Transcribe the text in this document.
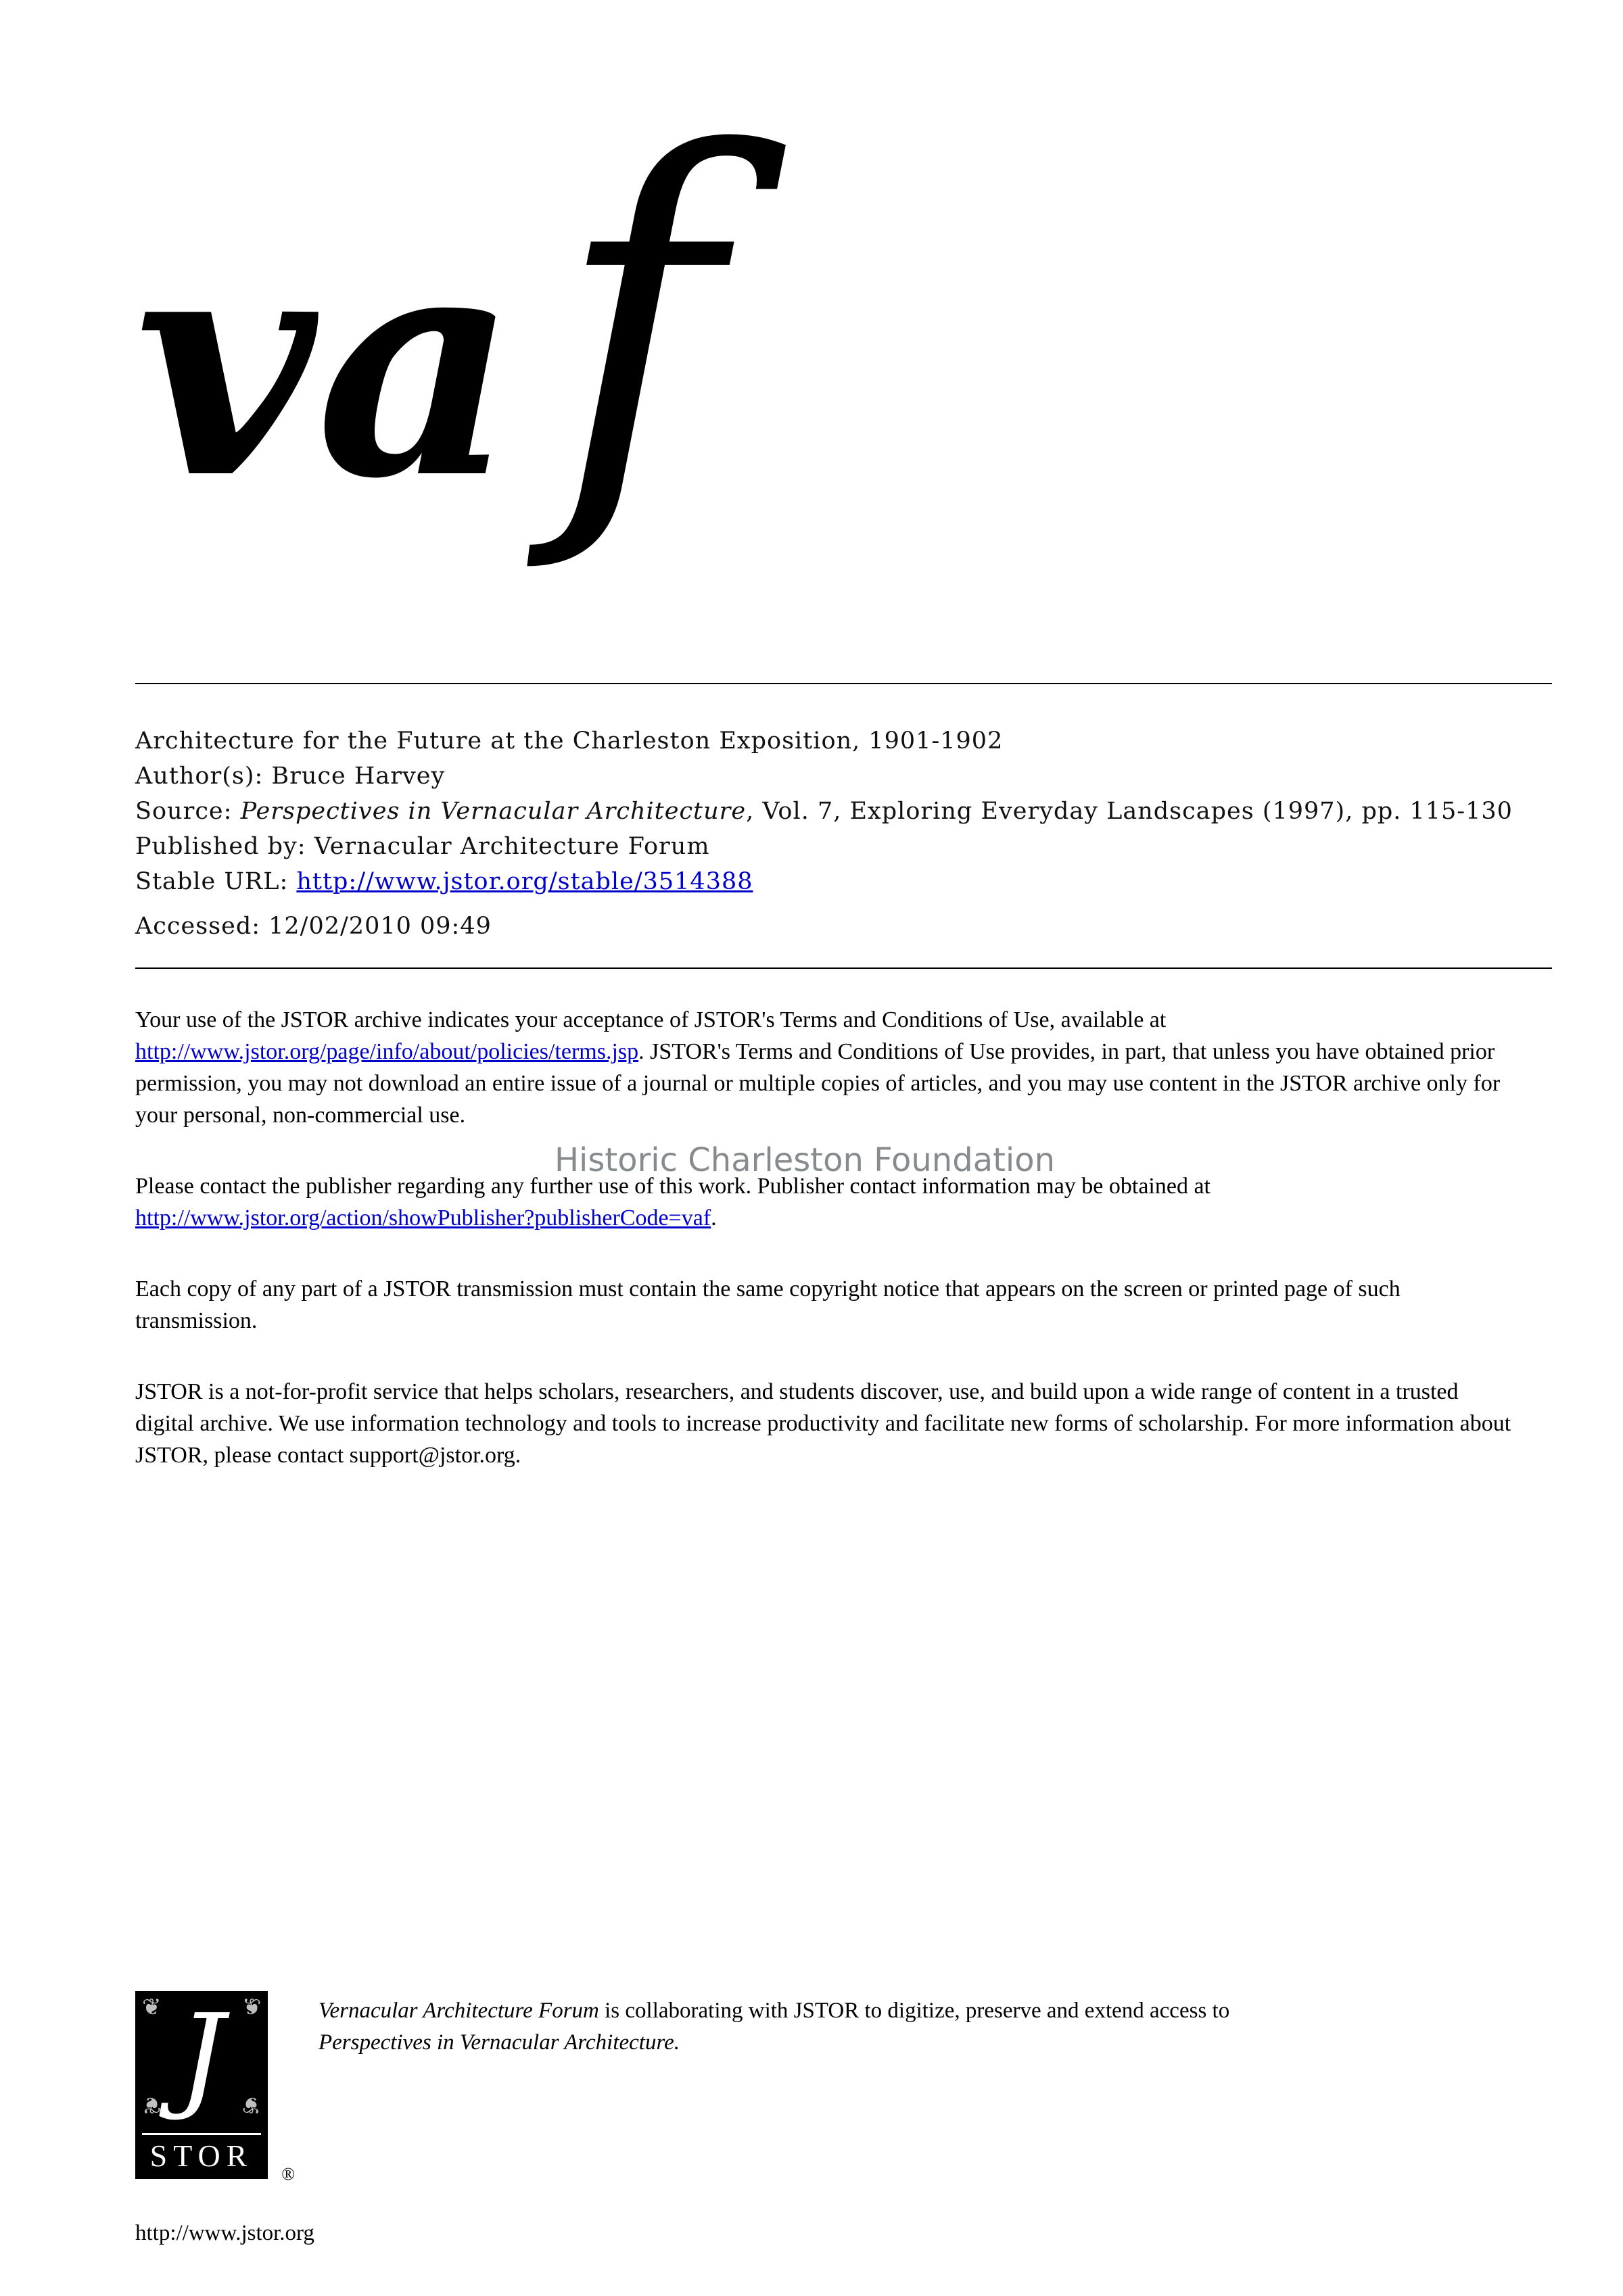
va f

Architecture for the Future at the Charleston Exposition, 1901-1902

Author(s): Bruce Harvey

Source: Perspectives in Vernacular Architecture, Vol. 7, Exploring Everyday Landscapes (1997), pp. 115-130

Published by: Vernacular Architecture Forum

Stable URL: http://www.jstor.org/stable/3514388

Accessed: 12/02/2010 09:49

Your use of the JSTOR archive indicates your acceptance of JSTOR's Terms and Conditions of Use, available at http://www.jstor.org/page/info/about/policies/terms.jsp. JSTOR's Terms and Conditions of Use provides, in part, that unless you have obtained prior permission, you may not download an entire issue of a journal or multiple copies of articles, and you may use content in the JSTOR archive only for your personal, non-commercial use.

Please contact the publisher regarding any further use of this work. Publisher contact information may be obtained at http://www.jstor.org/action/showPublisher?publisherCode=vaf.

Each copy of any part of a JSTOR transmission must contain the same copyright notice that appears on the screen or printed page of such transmission.

JSTOR is a not-for-profit service that helps scholars, researchers, and students discover, use, and build upon a wide range of content in a trusted digital archive. We use information technology and tools to increase productivity and facilitate new forms of scholarship. For more information about JSTOR, please contact support@jstor.org.

Historic Charleston Foundation
❦	❦
❦	❦
J
STOR
®
Vernacular Architecture Forum is collaborating with JSTOR to digitize, preserve and extend access to
Perspectives in Vernacular Architecture.
http://www.jstor.org
